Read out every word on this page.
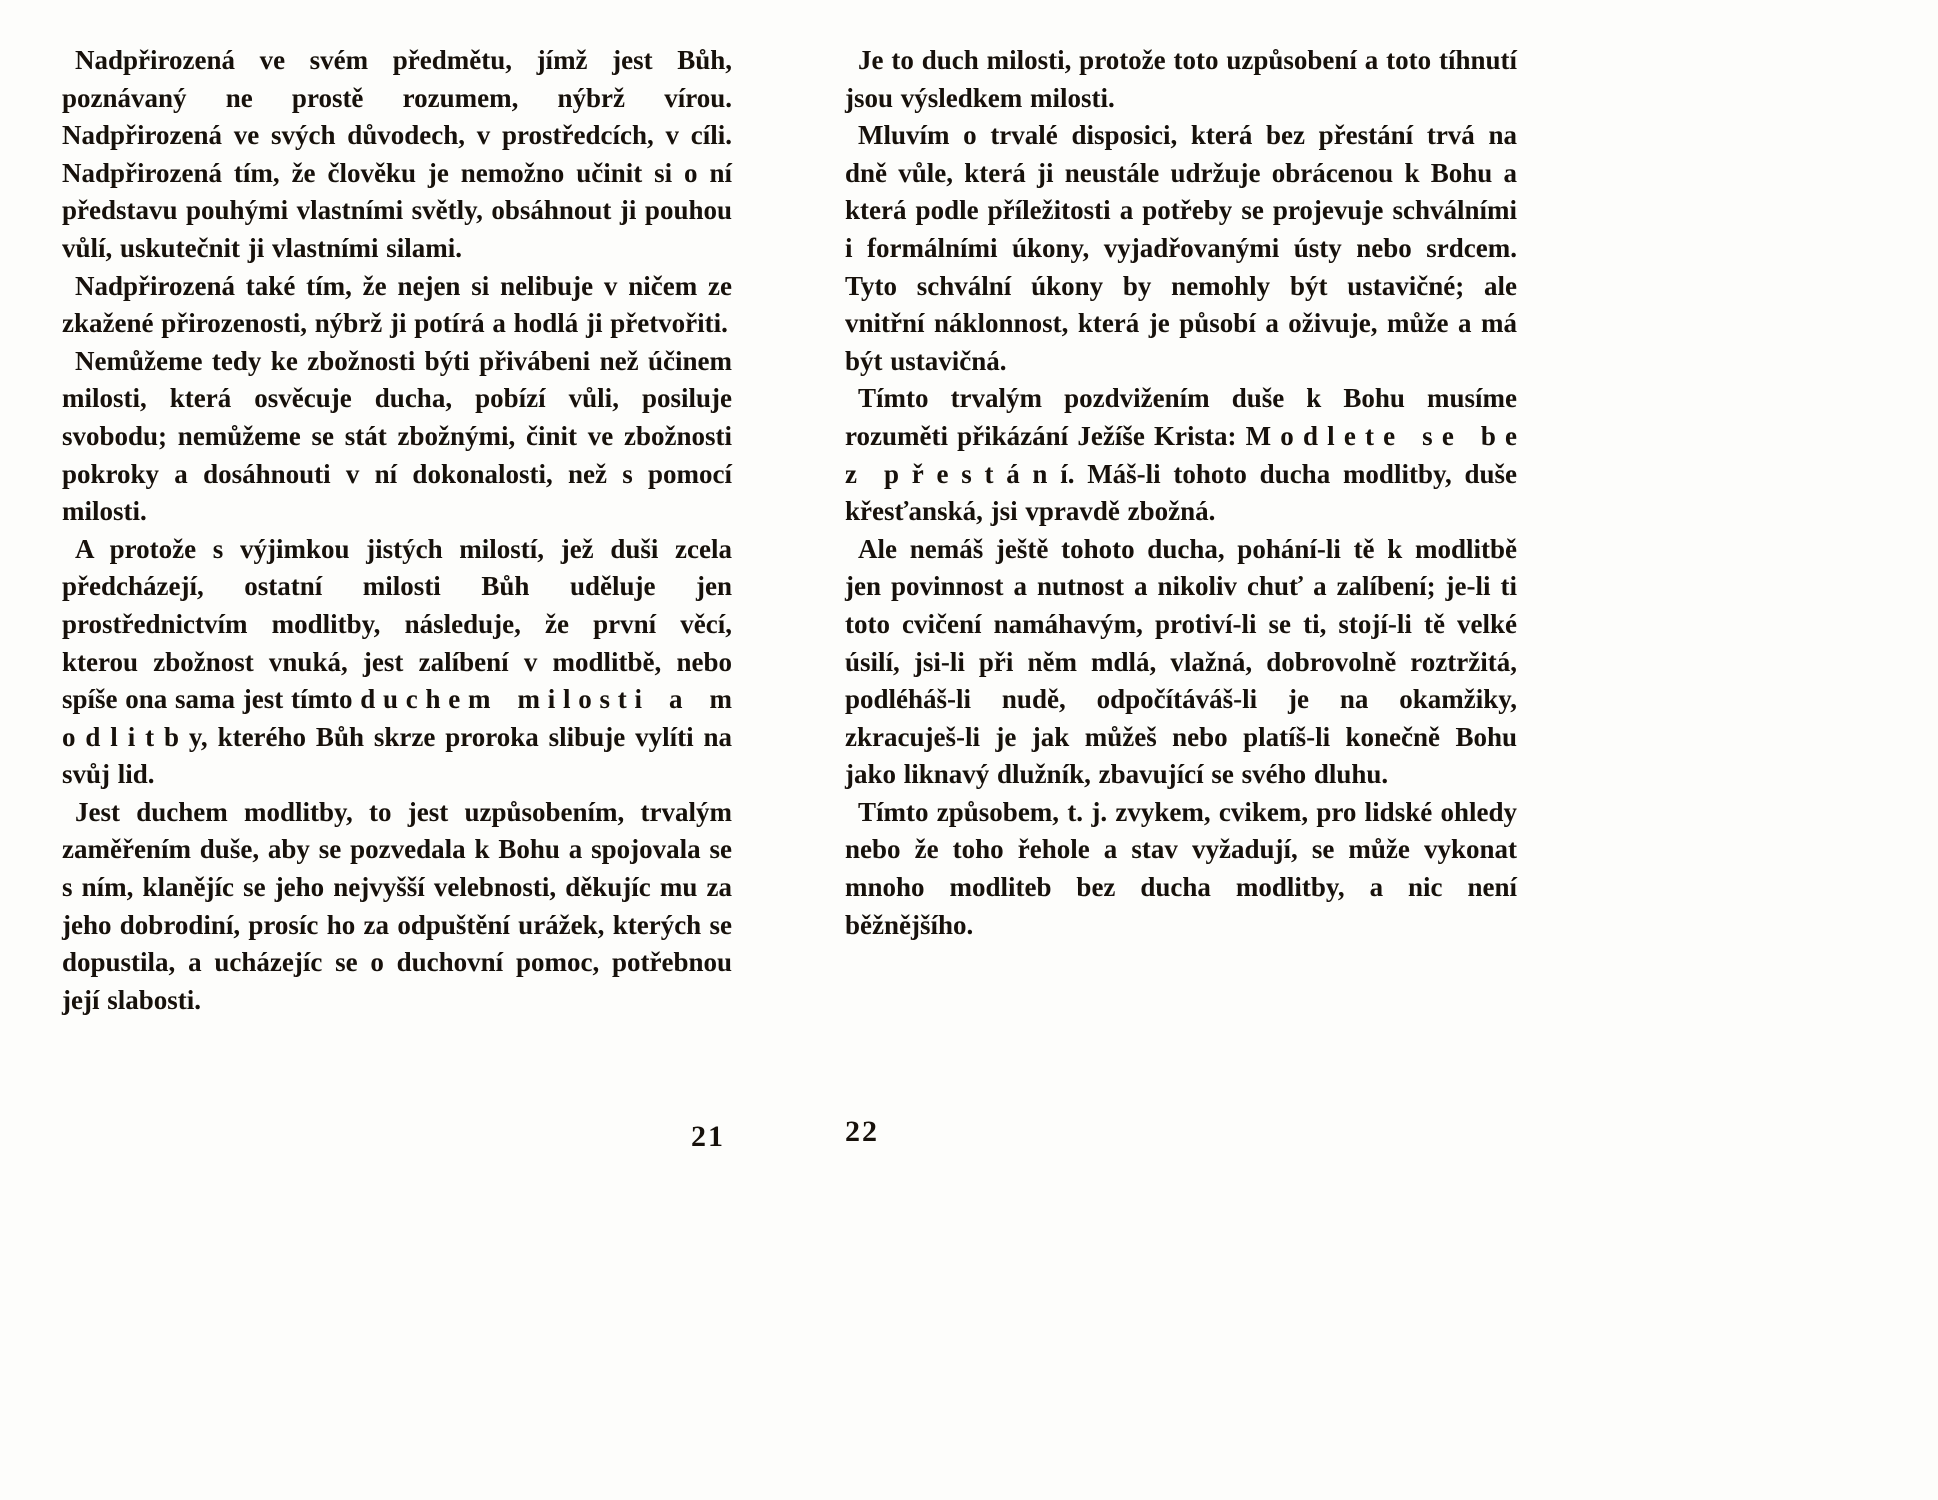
Nadpřirozená ve svém předmětu, jímž jest Bůh, poznávaný ne prostě rozumem, nýbrž vírou. Nadpřirozená ve svých důvodech, v prostředcích, v cíli. Nadpřirozená tím, že člověku je nemožno učinit si o ní představu pouhými vlastními světly, obsáhnout ji pouhou vůlí, uskutečnit ji vlastními silami.

Nadpřirozená také tím, že nejen si nelibuje v ničem ze zkažené přirozenosti, nýbrž ji potírá a hodlá ji přetvořiti.

Nemůžeme tedy ke zbožnosti býti přivábeni než účinem milosti, která osvěcuje ducha, pobízí vůli, posiluje svobodu; nemůžeme se stát zbožnými, činit ve zbožnosti pokroky a dosáhnouti v ní dokonalosti, než s pomocí milosti.

A protože s výjimkou jistých milostí, jež duši zcela předcházejí, ostatní milosti Bůh uděluje jen prostřednictvím modlitby, následuje, že první věcí, kterou zbožnost vnuká, jest zalíbení v modlitbě, nebo spíše ona sama jest tímto d u c h e m m i l o s t i a m o d l i t b y, kterého Bůh skrze proroka slibuje vylíti na svůj lid.

Jest duchem modlitby, to jest uzpůsobením, trvalým zaměřením duše, aby se pozvedala k Bohu a spojovala se s ním, klanějíc se jeho nejvyšší velebnosti, děkujíc mu za jeho dobrodiní, prosíc ho za odpuštění urážek, kterých se dopustila, a ucházejíc se o duchovní pomoc, potřebnou její slabosti.

Je to duch milosti, protože toto uzpůsobení a toto tíhnutí jsou výsledkem milosti.

Mluvím o trvalé disposici, která bez přestání trvá na dně vůle, která ji neustále udržuje obrácenou k Bohu a která podle příležitosti a potřeby se projevuje schválními i formálními úkony, vyjadřovanými ústy nebo srdcem. Tyto schvální úkony by nemohly být ustavičné; ale vnitřní náklonnost, která je působí a oživuje, může a má být ustavičná.

Tímto trvalým pozdvižením duše k Bohu musíme rozuměti přikázání Ježíše Krista: M o d l e t e s e b e z p ř e s t á n í. Máš-li tohoto ducha modlitby, duše křesťanská, jsi vpravdě zbožná.

Ale nemáš ještě tohoto ducha, pohání-li tě k modlitbě jen povinnost a nutnost a nikoliv chuť a zalíbení; je-li ti toto cvičení namáhavým, protiví-li se ti, stojí-li tě velké úsilí, jsi-li při něm mdlá, vlažná, dobrovolně roztržitá, podléháš-li nudě, odpočítáváš-li je na okamžiky, zkracuješ-li je jak můžeš nebo platíš-li konečně Bohu jako liknavý dlužník, zbavující se svého dluhu.

Tímto způsobem, t. j. zvykem, cvikem, pro lidské ohledy nebo že toho řehole a stav vyžadují, se může vykonat mnoho modliteb bez ducha modlitby, a nic není běžnějšího.

21	22
